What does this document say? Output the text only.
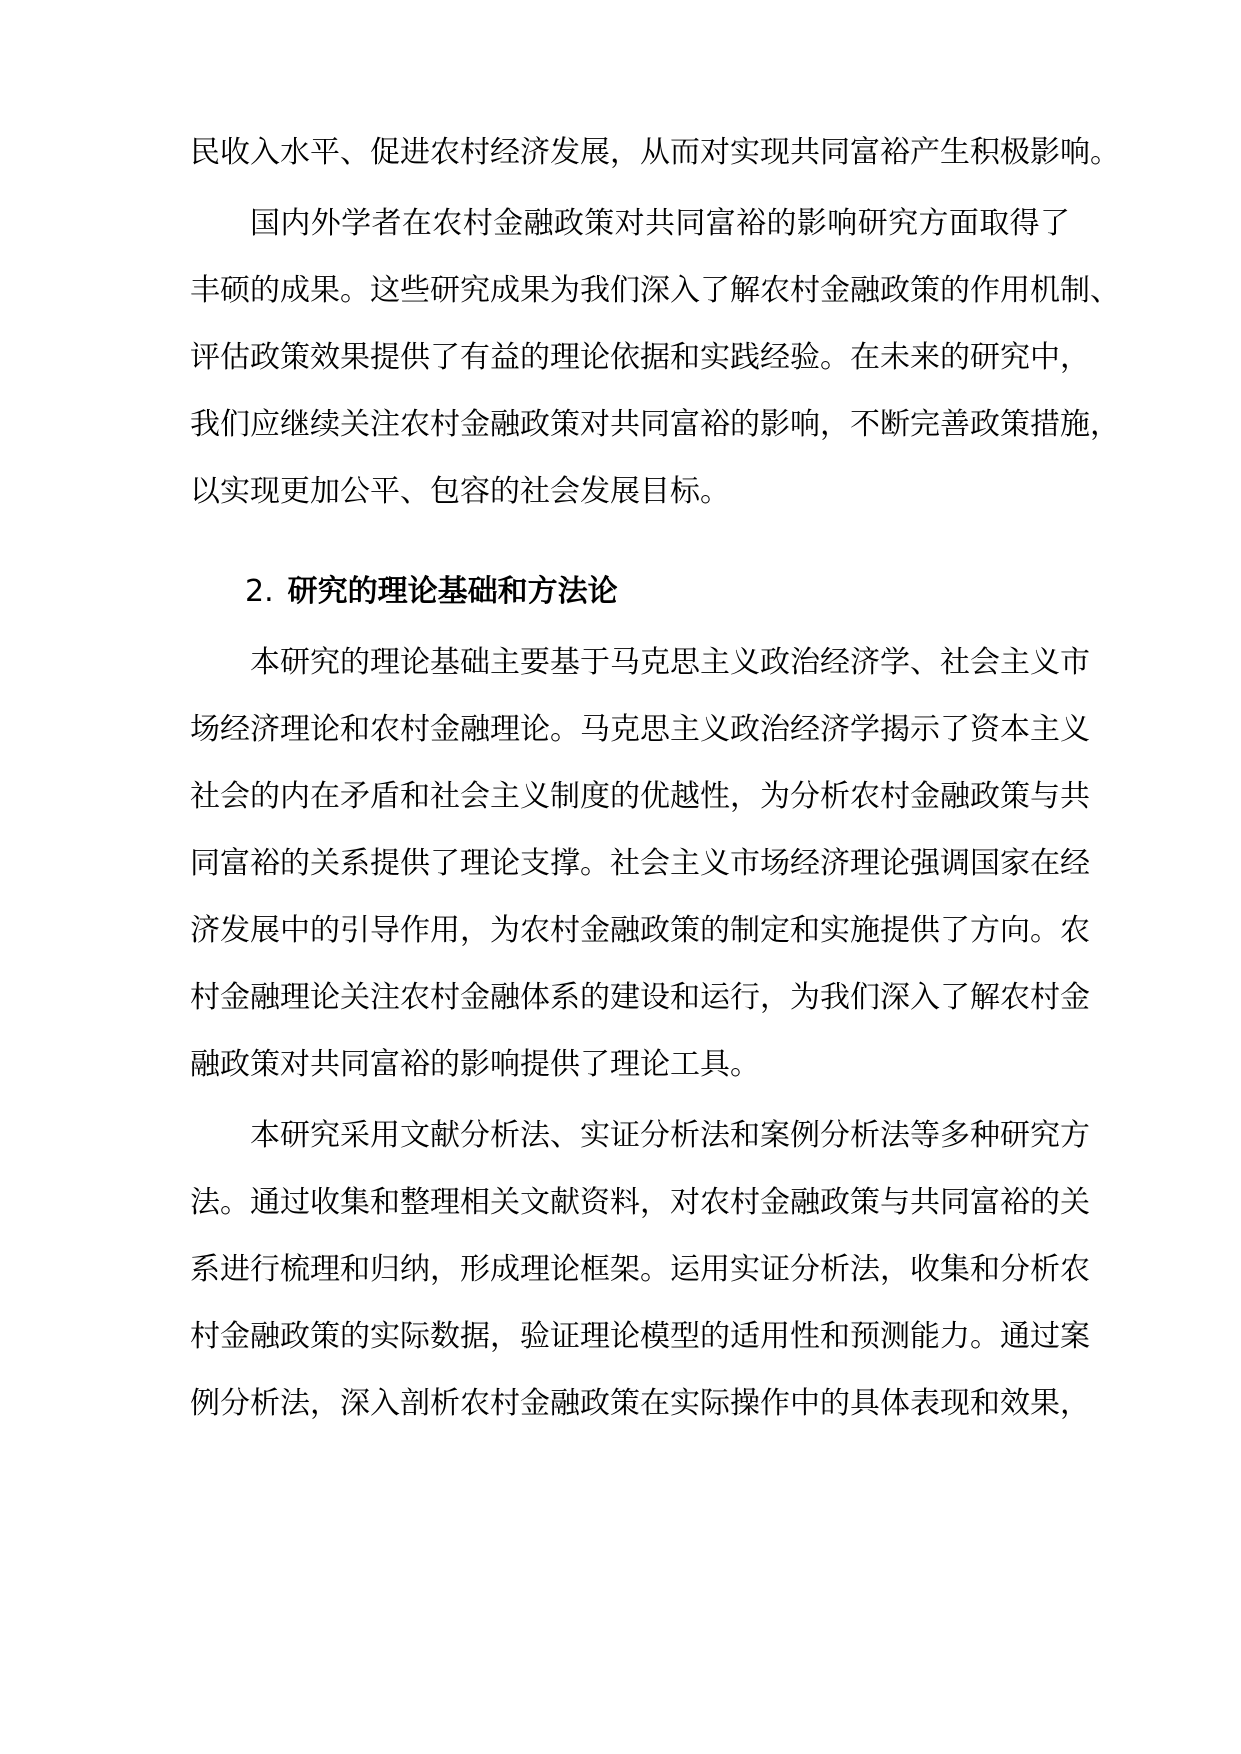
民收入水平、促进农村经济发展，从而对实现共同富裕产生积极影响。
国内外学者在农村金融政策对共同富裕的影响研究方面取得了
丰硕的成果。这些研究成果为我们深入了解农村金融政策的作用机制、
评估政策效果提供了有益的理论依据和实践经验。在未来的研究中，
我们应继续关注农村金融政策对共同富裕的影响，不断完善政策措施，
以实现更加公平、包容的社会发展目标。
2. 研究的理论基础和方法论
本研究的理论基础主要基于马克思主义政治经济学、社会主义市
场经济理论和农村金融理论。马克思主义政治经济学揭示了资本主义
社会的内在矛盾和社会主义制度的优越性，为分析农村金融政策与共
同富裕的关系提供了理论支撑。社会主义市场经济理论强调国家在经
济发展中的引导作用，为农村金融政策的制定和实施提供了方向。农
村金融理论关注农村金融体系的建设和运行，为我们深入了解农村金
融政策对共同富裕的影响提供了理论工具。
本研究采用文献分析法、实证分析法和案例分析法等多种研究方
法。通过收集和整理相关文献资料，对农村金融政策与共同富裕的关
系进行梳理和归纳，形成理论框架。运用实证分析法，收集和分析农
村金融政策的实际数据，验证理论模型的适用性和预测能力。通过案
例分析法，深入剖析农村金融政策在实际操作中的具体表现和效果，
